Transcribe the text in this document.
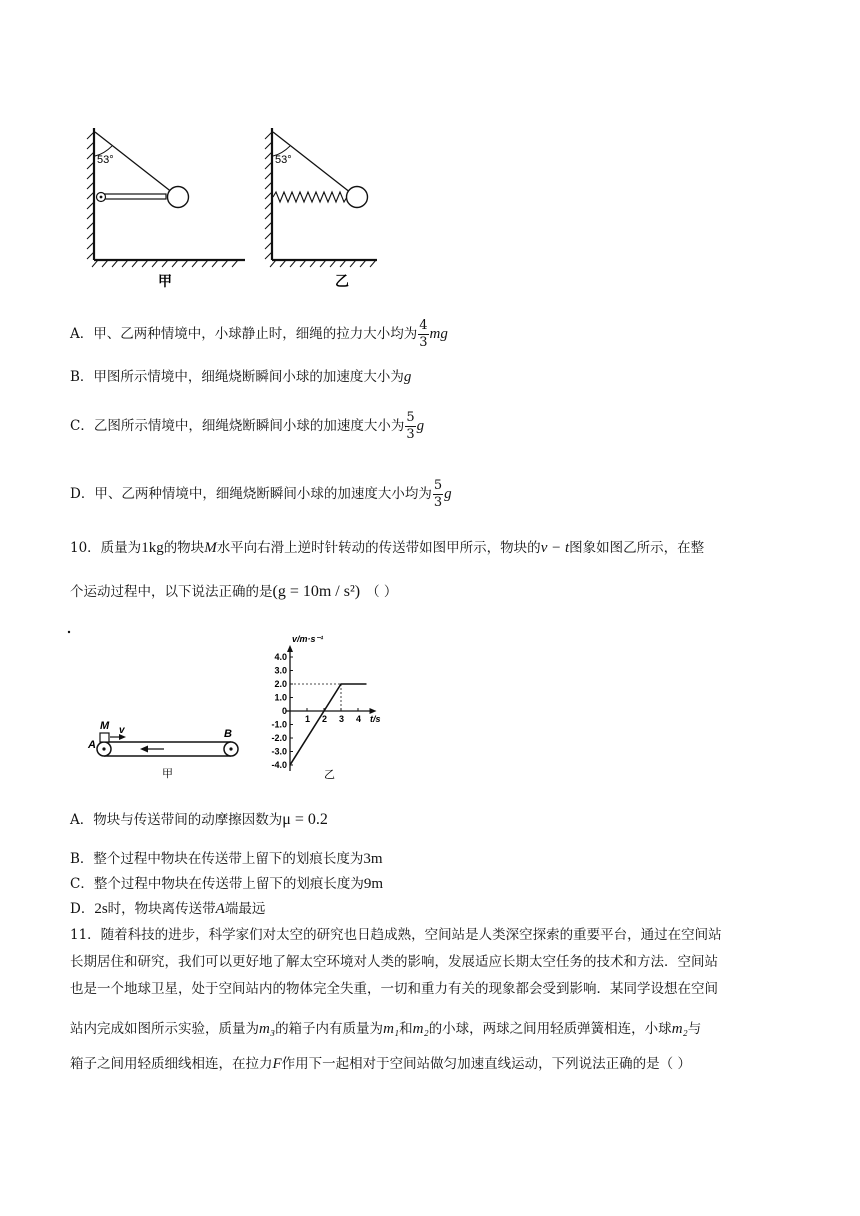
53°
甲
53°
乙
A．甲、乙两种情境中，小球静止时，细绳的拉力大小均为 $\frac{4}{3}$ mg
B．甲图所示情境中，细绳烧断瞬间小球的加速度大小为g
C．乙图所示情境中，细绳烧断瞬间小球的加速度大小为 $\frac{5}{3}$ g
D．甲、乙两种情境中，细绳烧断瞬间小球的加速度大小均为 $\frac{5}{3}$ g
10．质量为1kg的物块M水平向右滑上逆时针转动的传送带如图甲所示，物块的v − t图象如图乙所示，在整
个运动过程中，以下说法正确的是(g = 10m / s²) （ ）
M v
A
B
甲
4.0
3.0
2.0
1.0
0
-1.0
-2.0
-3.0
-4.0
1 2 3 4
v/m·s⁻¹
t/s
乙
A．物块与传送带间的动摩擦因数为μ = 0.2
B．整个过程中物块在传送带上留下的划痕长度为3m
C．整个过程中物块在传送带上留下的划痕长度为9m
D．2s时，物块离传送带A端最远
11．随着科技的进步，科学家们对太空的研究也日趋成熟，空间站是人类深空探索的重要平台，通过在空间站
长期居住和研究，我们可以更好地了解太空环境对人类的影响，发展适应长期太空任务的技术和方法．空间站
也是一个地球卫星，处于空间站内的物体完全失重，一切和重力有关的现象都会受到影响．某同学设想在空间
站内完成如图所示实验，质量为m₃的箱子内有质量为m₁和m₂的小球，两球之间用轻质弹簧相连，小球m₂与
箱子之间用轻质细线相连，在拉力F作用下一起相对于空间站做匀加速直线运动，下列说法正确的是（ ）
